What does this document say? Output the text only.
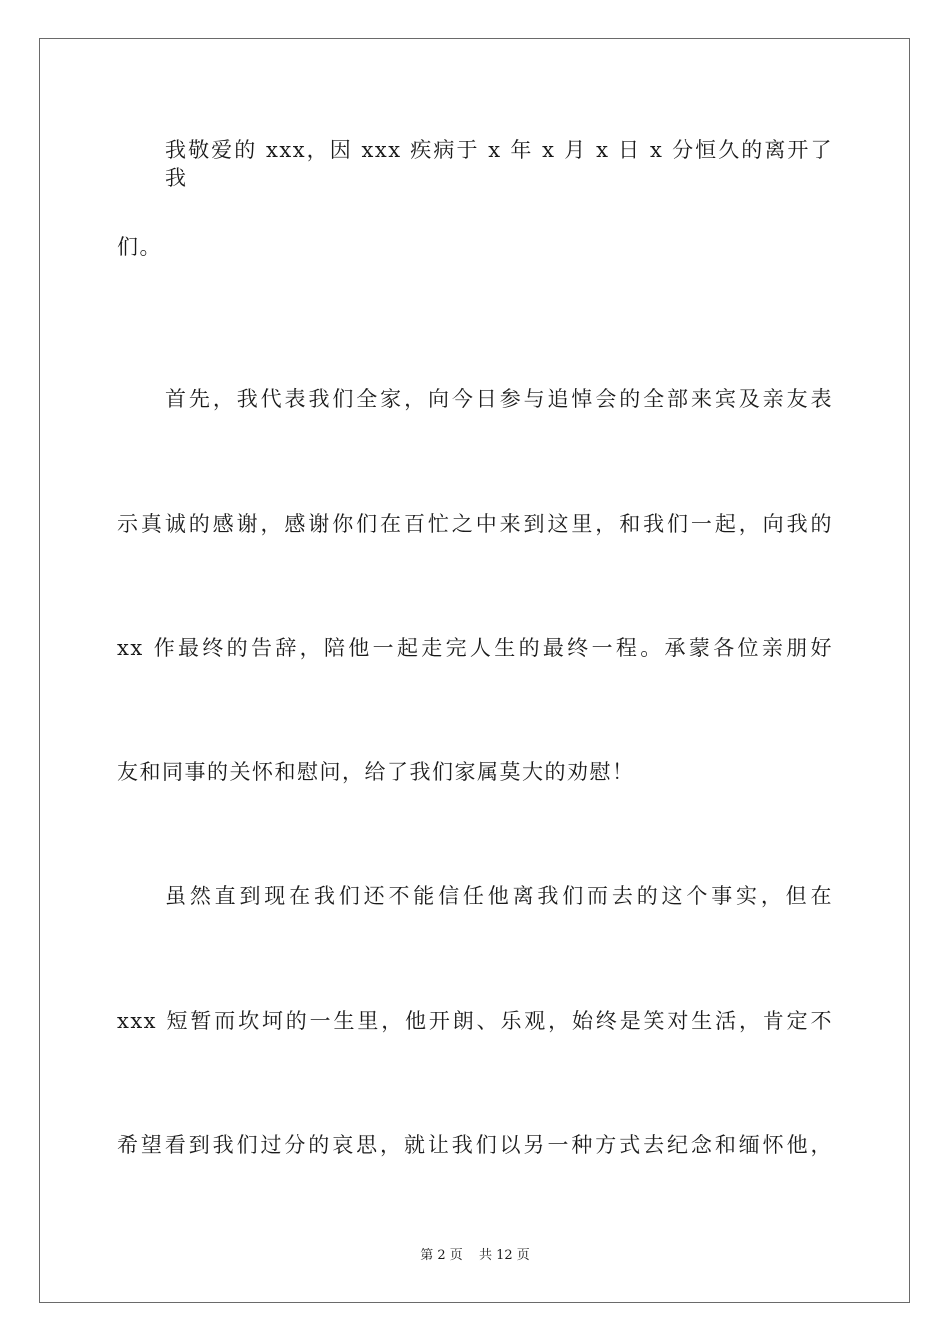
我敬爱的 xxx，因 xxx 疾病于 x 年 x 月 x 日 x 分恒久的离开了我
们。
首先，我代表我们全家，向今日参与追悼会的全部来宾及亲友表
示真诚的感谢，感谢你们在百忙之中来到这里，和我们一起，向我的
xx 作最终的告辞，陪他一起走完人生的最终一程。承蒙各位亲朋好
友和同事的关怀和慰问，给了我们家属莫大的劝慰！
虽然直到现在我们还不能信任他离我们而去的这个事实，但在
xxx 短暂而坎坷的一生里，他开朗、乐观，始终是笑对生活，肯定不
希望看到我们过分的哀思，就让我们以另一种方式去纪念和缅怀他，
第 2 页 共 12 页
